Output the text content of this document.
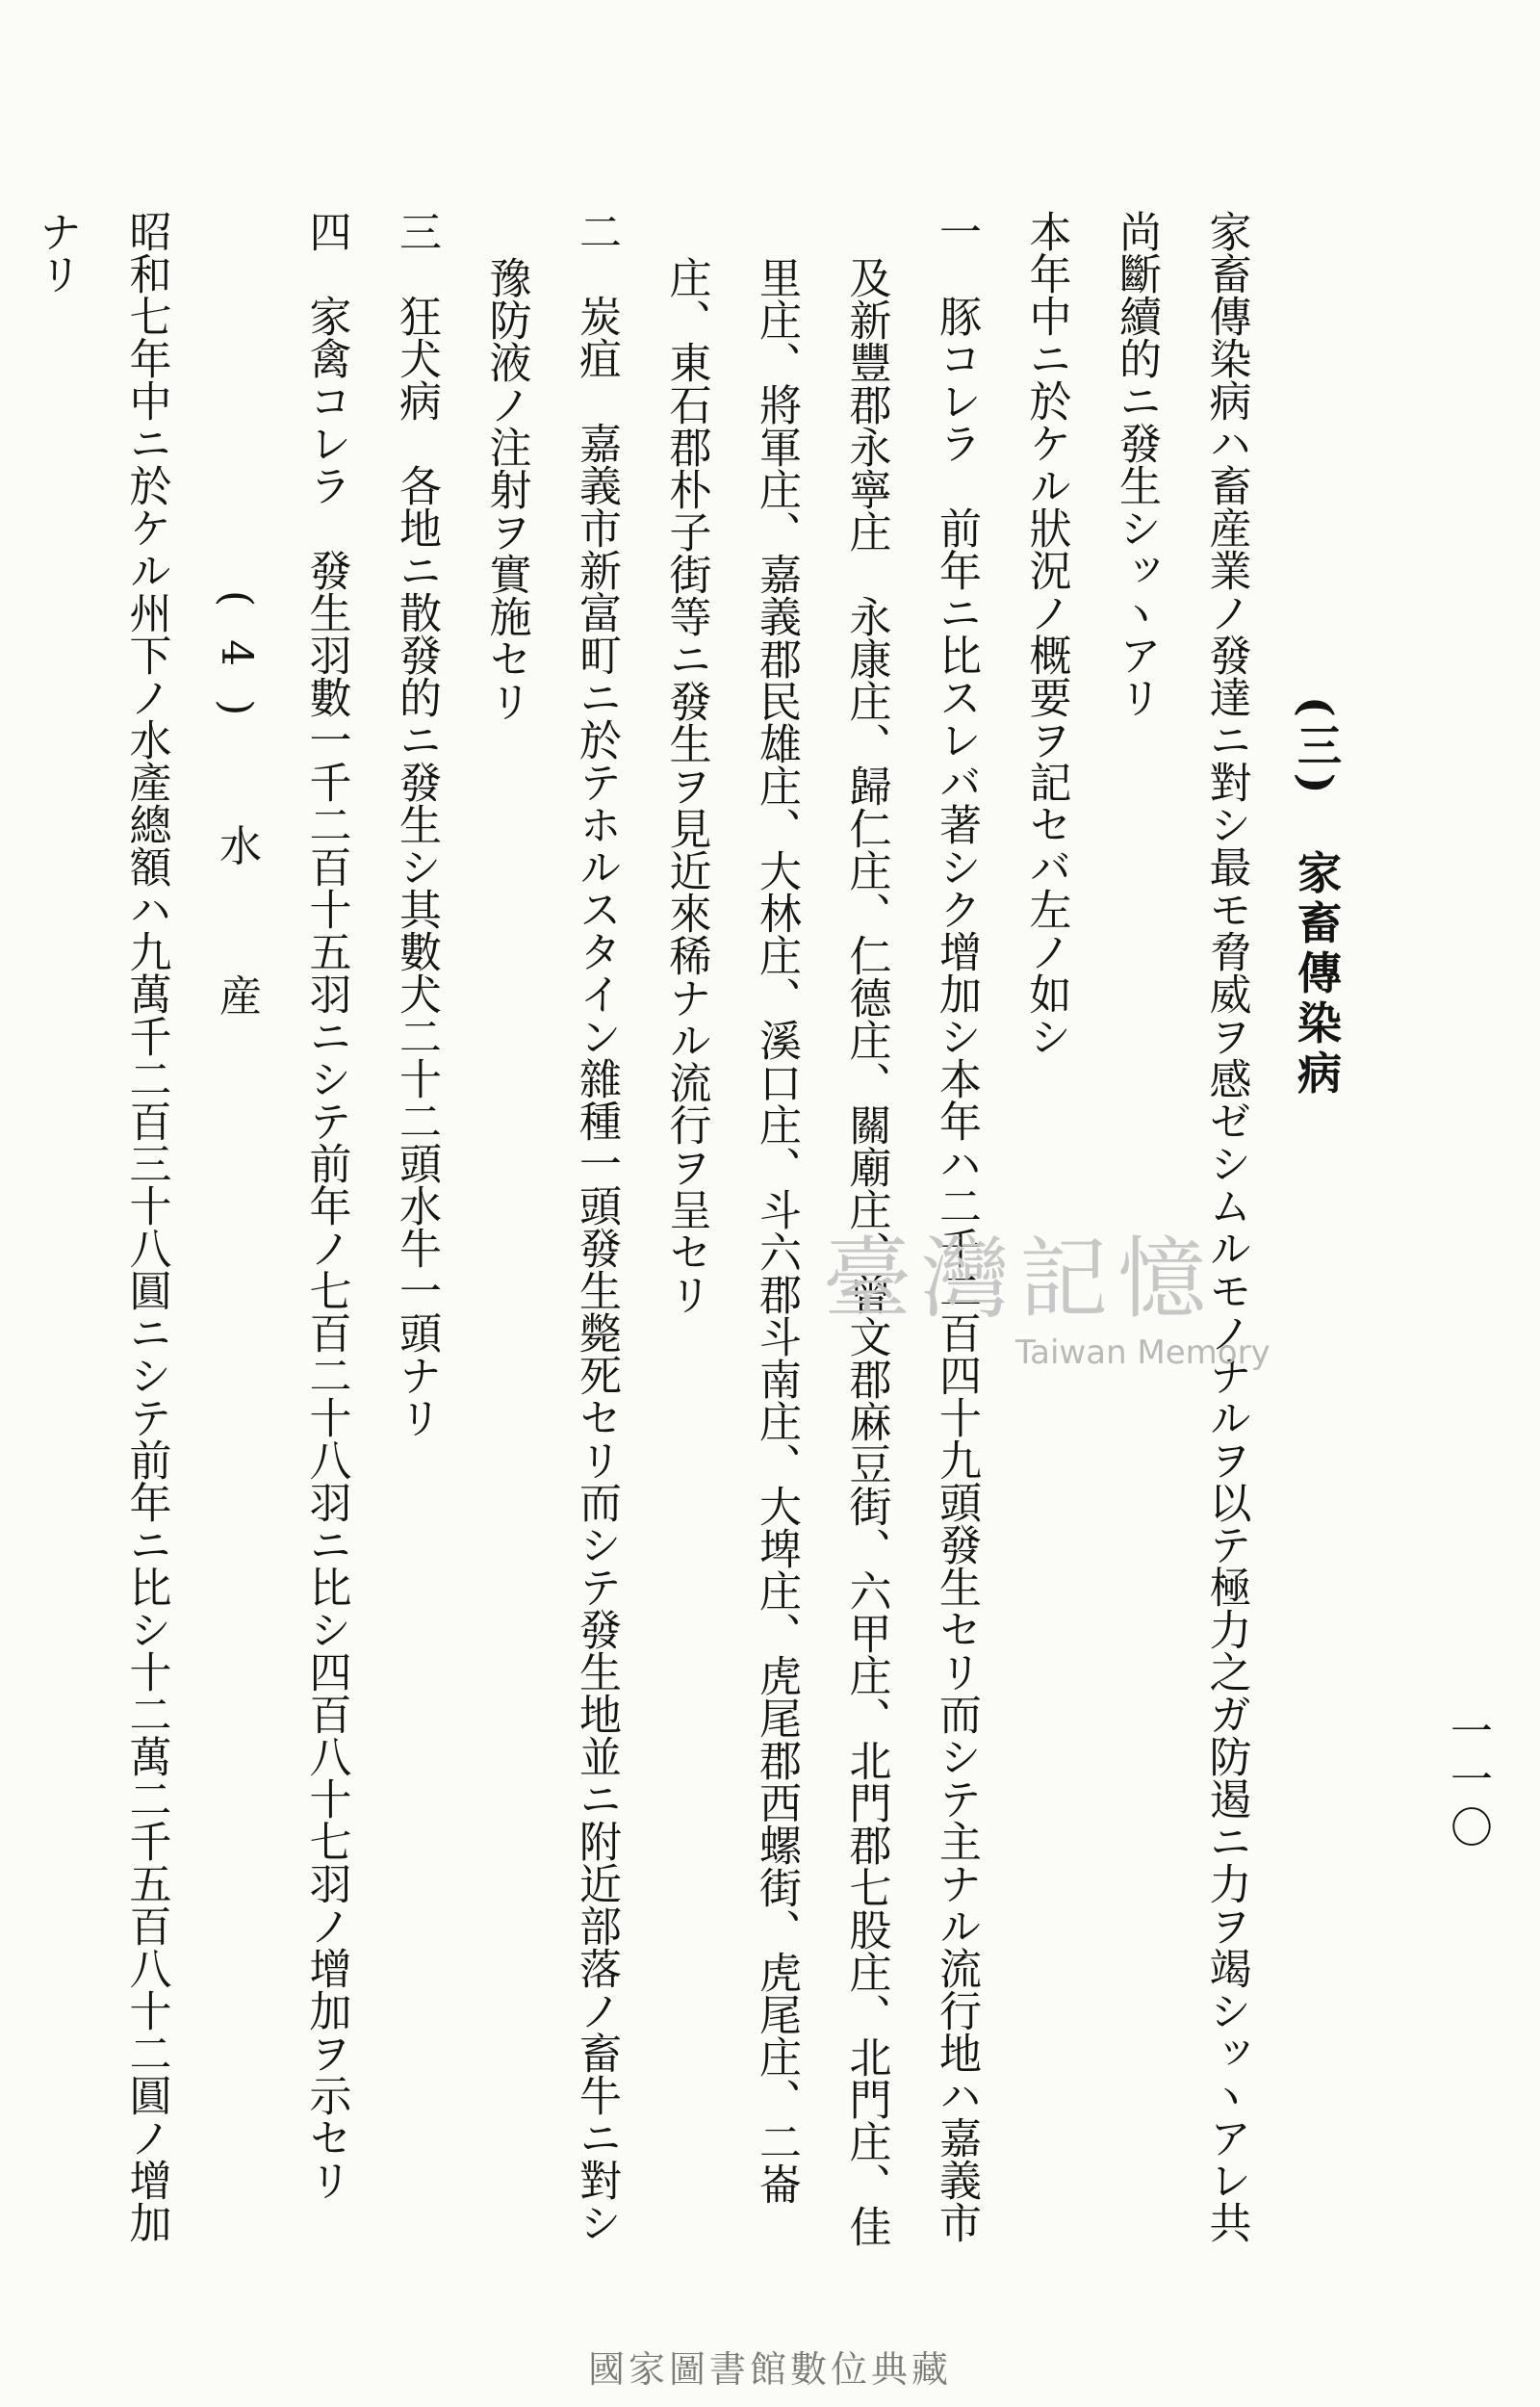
一一〇
(三)　家畜傳染病
家畜傳染病ハ畜産業ノ發達ニ對シ最モ脅威ヲ感ゼシムルモノナルヲ以テ極力之ガ防遏ニ力ヲ竭シッヽアレ共
尚斷續的ニ發生シッヽアリ
本年中ニ於ケル狀況ノ概要ヲ記セバ左ノ如シ
一　豚コレラ　前年ニ比スレバ著シク增加シ本年ハ二千二百四十九頭發生セリ而シテ主ナル流行地ハ嘉義市
及新豐郡永寧庄　永康庄、歸仁庄、仁德庄、關廟庄、曾文郡麻豆街、六甲庄、北門郡七股庄、北門庄、佳
里庄、將軍庄、嘉義郡民雄庄、大林庄、溪口庄、斗六郡斗南庄、大埤庄、虎尾郡西螺街、虎尾庄、二崙
庄、東石郡朴子街等ニ發生ヲ見近來稀ナル流行ヲ呈セリ
二　炭疽　嘉義市新富町ニ於テホルスタイン雜種一頭發生斃死セリ而シテ發生地並ニ附近部落ノ畜牛ニ對シ
豫防液ノ注射ヲ實施セリ
三　狂犬病　各地ニ散發的ニ發生シ其數犬二十二頭水牛一頭ナリ
四　家禽コレラ　發生羽數一千二百十五羽ニシテ前年ノ七百二十八羽ニ比シ四百八十七羽ノ增加ヲ示セリ
(4)　水　産
昭和七年中ニ於ケル州下ノ水產總額ハ九萬千二百三十八圓ニシテ前年ニ比シ十二萬二千五百八十二圓ノ增加
ナリ
臺灣記憶
Taiwan Memory
國家圖書館數位典藏
